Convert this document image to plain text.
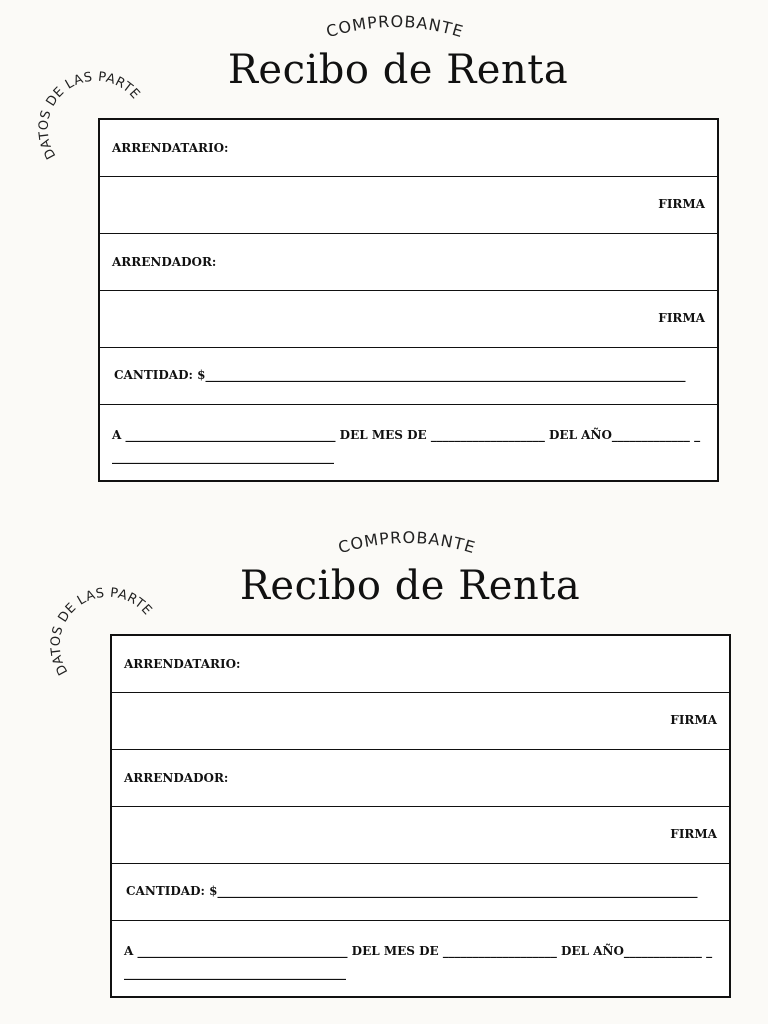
COMPROBANTE
Recibo de Renta
DATOS DE LAS PARTES
ARRENDATARIO:
FIRMA
ARRENDADOR:
FIRMA
CANTIDAD: $________________________________________________________________________________
A ___________________________________ DEL MES DE ___________________ DEL AÑO_____________ ______________________________________
COMPROBANTE
Recibo de Renta
DATOS DE LAS PARTES
ARRENDATARIO:
FIRMA
ARRENDADOR:
FIRMA
CANTIDAD: $________________________________________________________________________________
A ___________________________________ DEL MES DE ___________________ DEL AÑO_____________ ______________________________________
